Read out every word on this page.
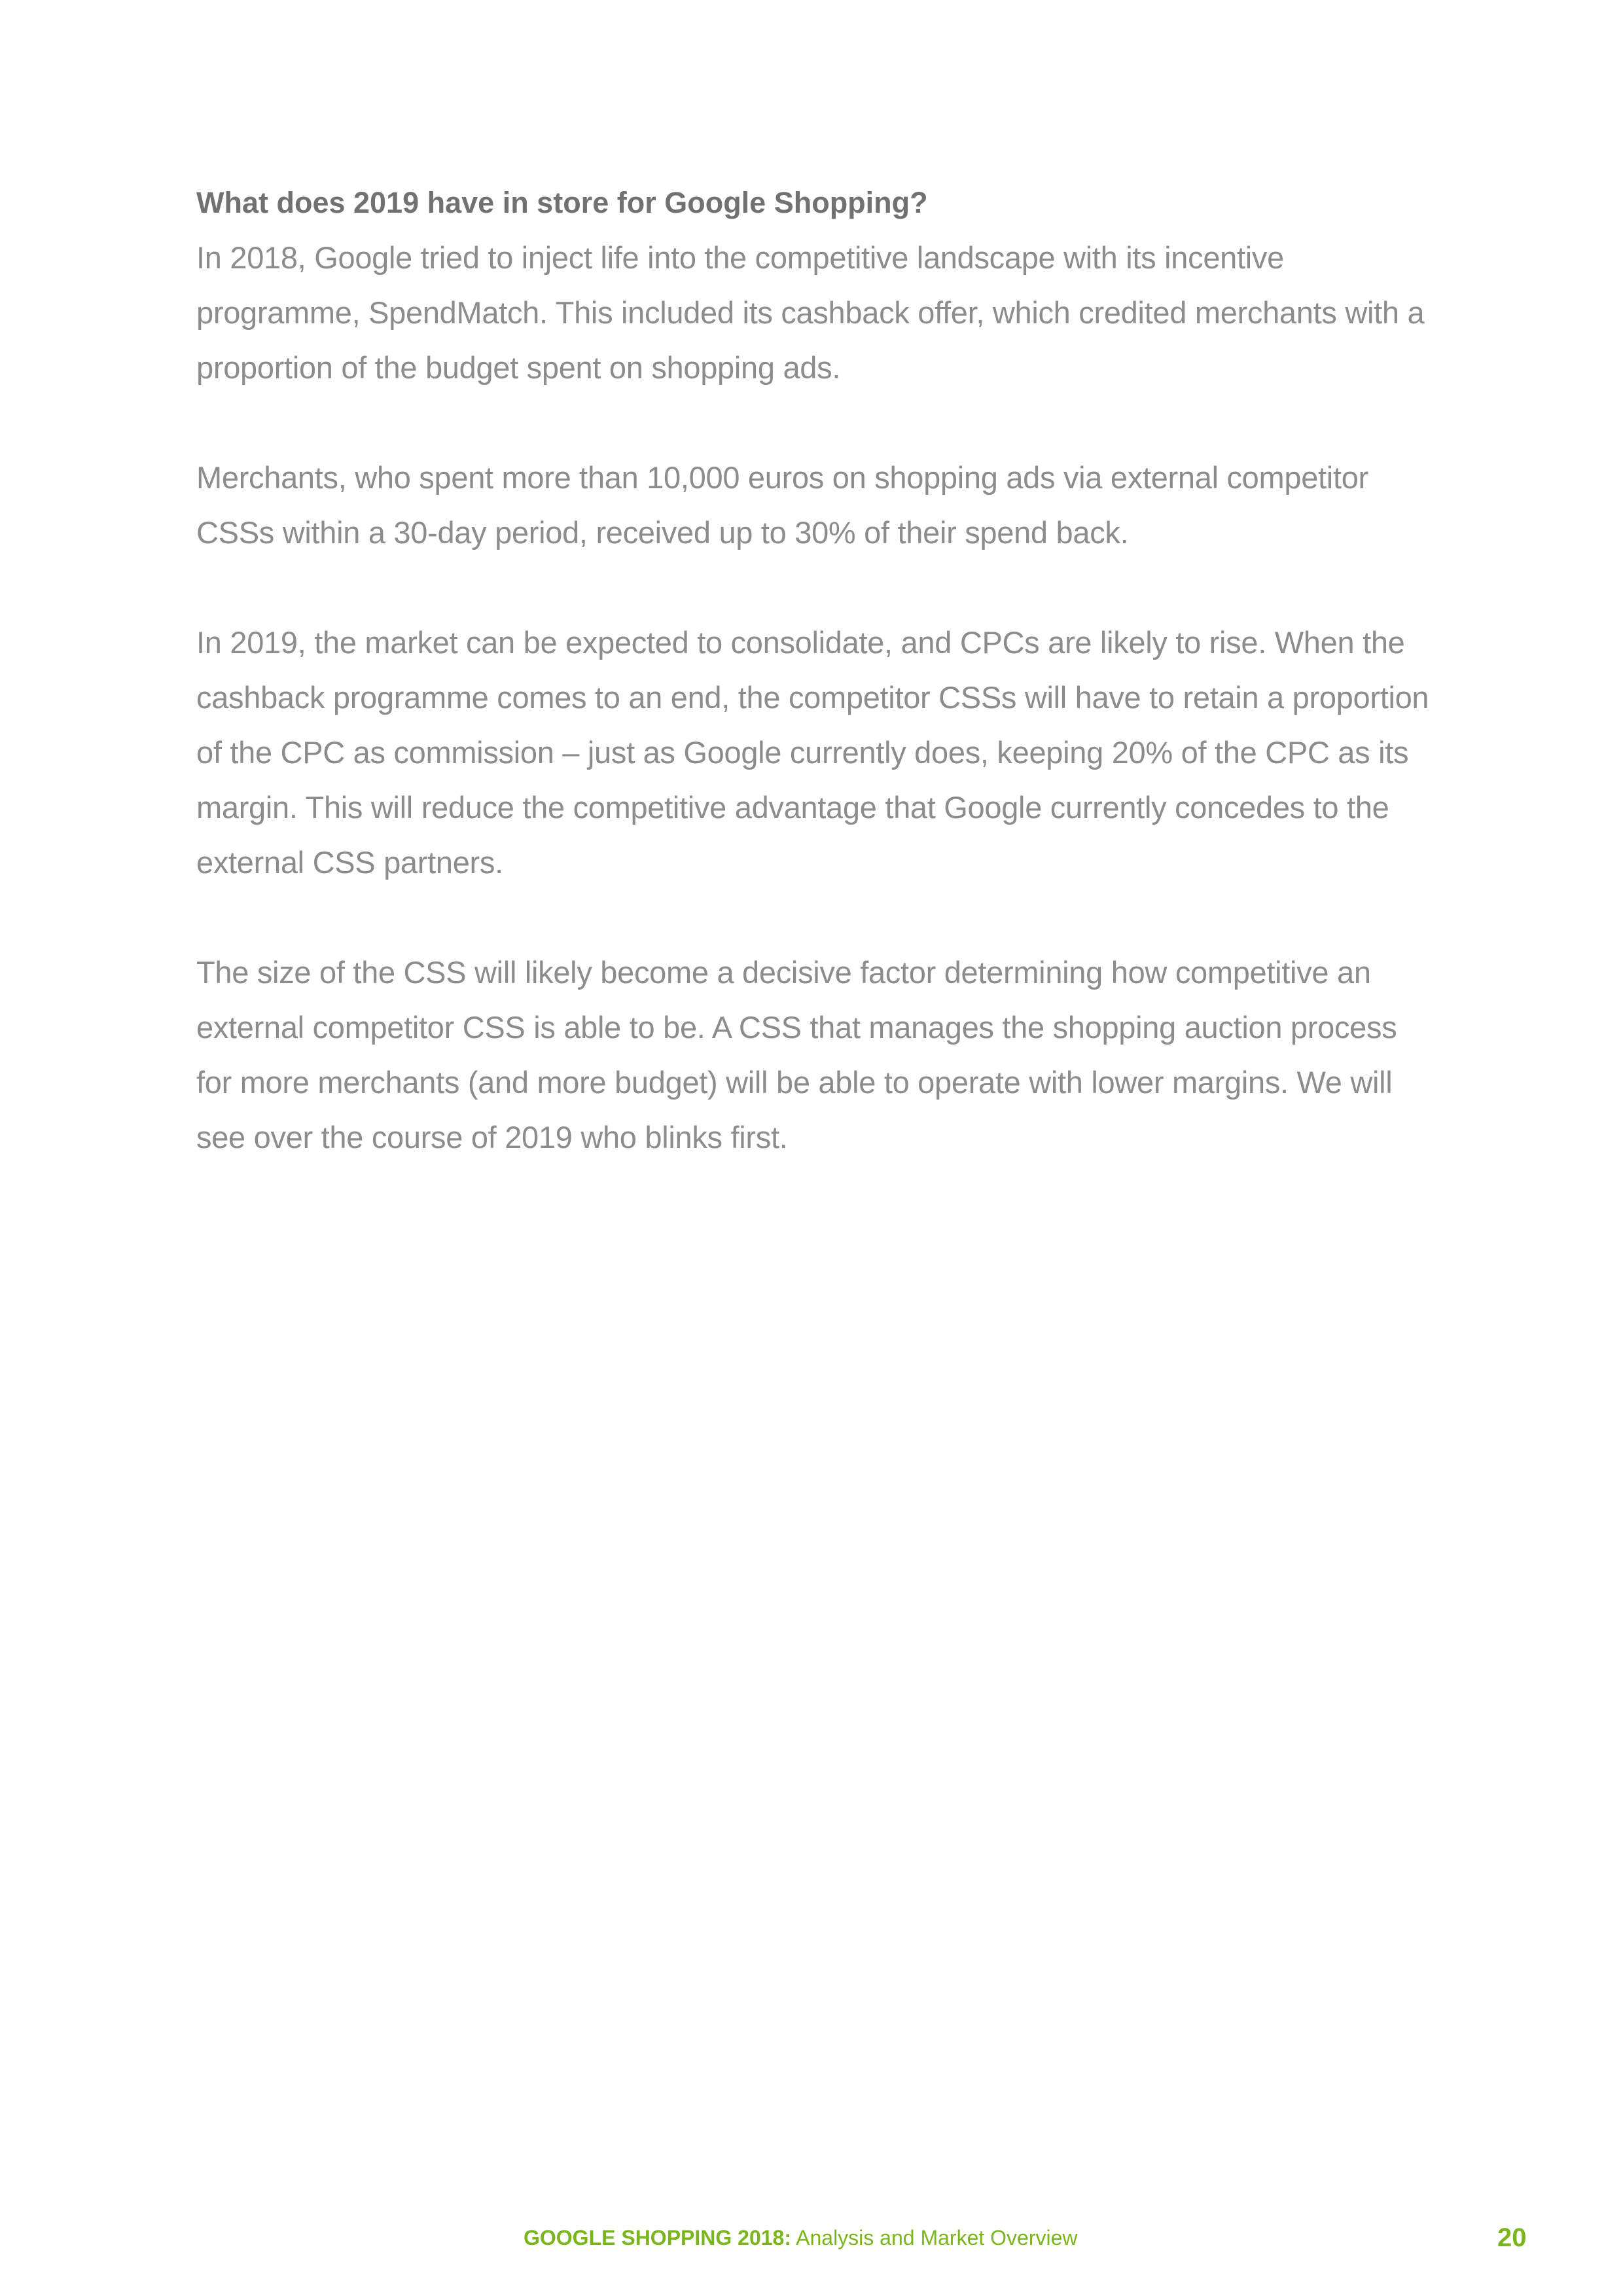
What does 2019 have in store for Google Shopping?

In 2018, Google tried to inject life into the competitive landscape with its incentive programme, SpendMatch. This included its cashback offer, which credited merchants with a proportion of the budget spent on shopping ads.

Merchants, who spent more than 10,000 euros on shopping ads via external competitor CSSs within a 30-day period, received up to 30% of their spend back.

In 2019, the market can be expected to consolidate, and CPCs are likely to rise. When the cashback programme comes to an end, the competitor CSSs will have to retain a proportion of the CPC as commission – just as Google currently does, keeping 20% of the CPC as its margin. This will reduce the competitive advantage that Google currently concedes to the external CSS partners.

The size of the CSS will likely become a decisive factor determining how competitive an external competitor CSS is able to be. A CSS that manages the shopping auction process for more merchants (and more budget) will be able to operate with lower margins. We will see over the course of 2019 who blinks first.

GOOGLE SHOPPING 2018: Analysis and Market Overview	20
